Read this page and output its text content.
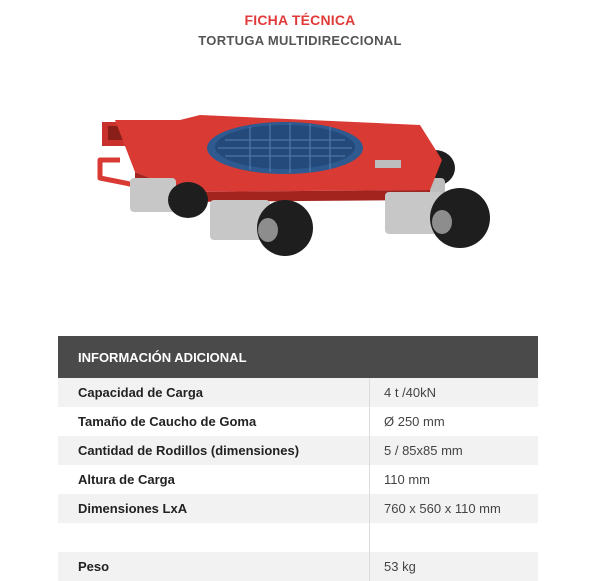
FICHA TÉCNICA
TORTUGA MULTIDIRECCIONAL
INFORMACIÓN ADICIONAL	
Capacidad de Carga	4 t /40kN
Tamaño de Caucho de Goma	Ø 250 mm
Cantidad de Rodillos (dimensiones)	5 / 85x85 mm
Altura de Carga	110 mm
Dimensiones LxA	760 x 560 x 110 mm

Peso	53 kg
